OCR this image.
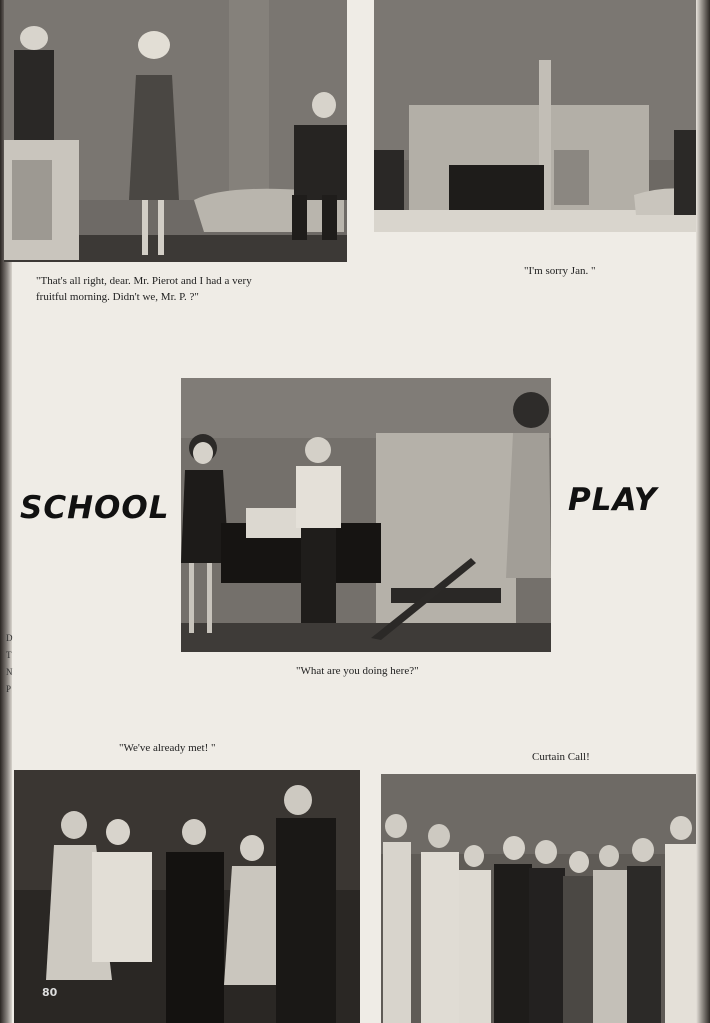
D
T
N
P
"That's all right, dear. Mr. Pierot and I had a very
fruitful morning. Didn't we, Mr. P. ?"
"I'm sorry Jan. "
SCHOOL	PLAY
"What are you doing here?"
"We've already met! "
Curtain Call!
80
